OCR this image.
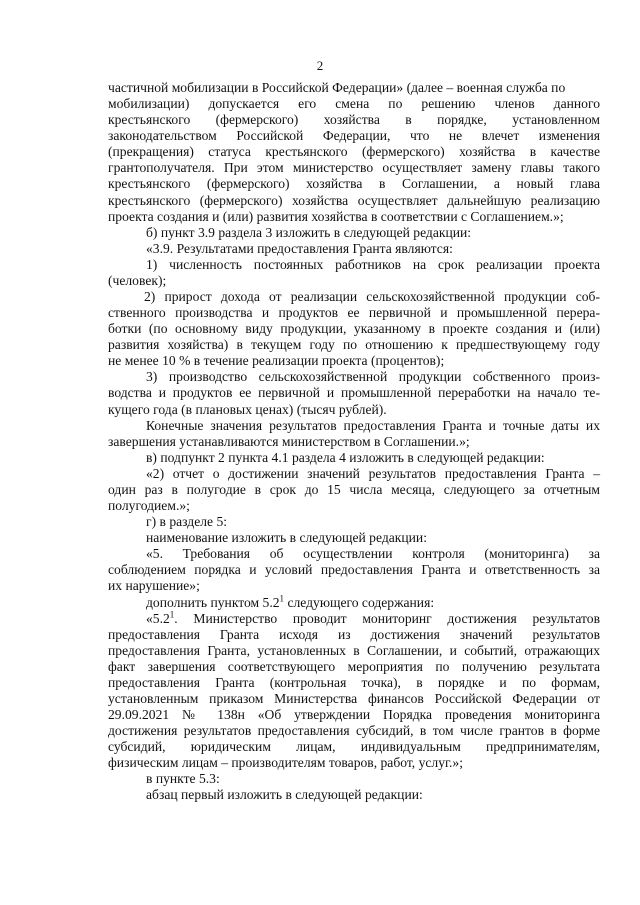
2
частичной мобилизации в Российской Федерации» (далее – военная служба по
мобилизации) допускается его смена по решению членов данного
крестьянского (фермерского) хозяйства в порядке, установленном
законодательством Российской Федерации, что не влечет изменения
(прекращения) статуса крестьянского (фермерского) хозяйства в качестве
грантополучателя. При этом министерство осуществляет замену главы такого
крестьянского (фермерского) хозяйства в Соглашении, а новый глава
крестьянского (фермерского) хозяйства осуществляет дальнейшую реализацию
проекта создания и (или) развития хозяйства в соответствии с Соглашением.»;
б) пункт 3.9 раздела 3 изложить в следующей редакции:
«3.9. Результатами предоставления Гранта являются:
1) численность постоянных работников на срок реализации проекта
(человек);
2) прирост дохода от реализации сельскохозяйственной продукции соб-
ственного производства и продуктов ее первичной и промышленной перера-
ботки (по основному виду продукции, указанному в проекте создания и (или)
развития хозяйства) в текущем году по отношению к предшествующему году
не менее 10 % в течение реализации проекта (процентов);
3) производство сельскохозяйственной продукции собственного произ-
водства и продуктов ее первичной и промышленной переработки на начало те-
кущего года (в плановых ценах) (тысяч рублей).
Конечные значения результатов предоставления Гранта и точные даты их
завершения устанавливаются министерством в Соглашении.»;
в) подпункт 2 пункта 4.1 раздела 4 изложить в следующей редакции:
«2) отчет о достижении значений результатов предоставления Гранта –
один раз в полугодие в срок до 15 числа месяца, следующего за отчетным
полугодием.»;
г) в разделе 5:
наименование изложить в следующей редакции:
«5. Требования об осуществлении контроля (мониторинга) за
соблюдением порядка и условий предоставления Гранта и ответственность за
их нарушение»;
дополнить пунктом $5.2^1$ следующего содержания:
«$5.2^1$. Министерство проводит мониторинг достижения результатов
предоставления Гранта исходя из достижения значений результатов
предоставления Гранта, установленных в Соглашении, и событий, отражающих
факт завершения соответствующего мероприятия по получению результата
предоставления Гранта (контрольная точка), в порядке и по формам,
установленным приказом Министерства финансов Российской Федерации от
29.09.2021 № 138н «Об утверждении Порядка проведения мониторинга
достижения результатов предоставления субсидий, в том числе грантов в форме
субсидий, юридическим лицам, индивидуальным предпринимателям,
физическим лицам – производителям товаров, работ, услуг.»;
в пункте 5.3:
абзац первый изложить в следующей редакции:
